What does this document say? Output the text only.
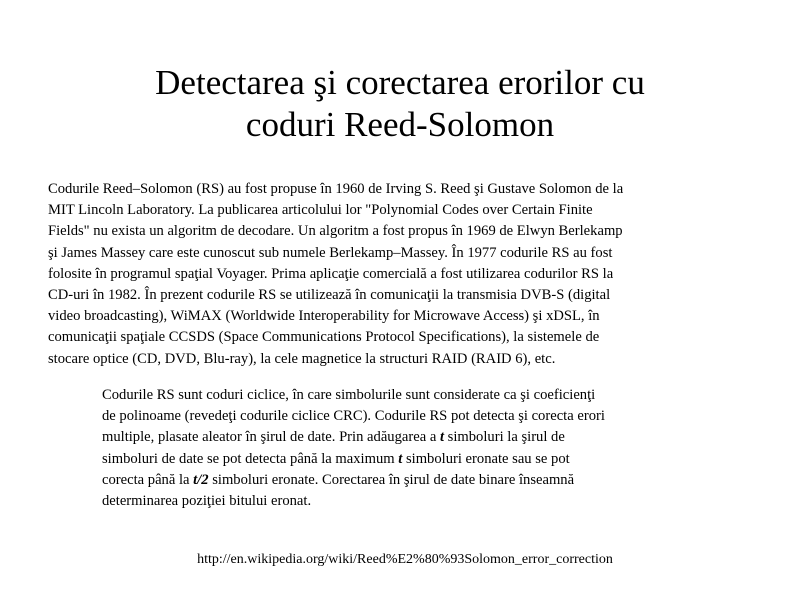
Detectarea şi corectarea erorilor cu
coduri Reed-Solomon

Codurile Reed–Solomon (RS) au fost propuse în 1960 de Irving S. Reed şi Gustave Solomon de la
MIT Lincoln Laboratory. La publicarea articolului lor "Polynomial Codes over Certain Finite
Fields" nu exista un algoritm de decodare. Un algoritm a fost propus în 1969 de Elwyn Berlekamp
şi James Massey care este cunoscut sub numele Berlekamp–Massey. În 1977 codurile RS au fost
folosite în programul spaţial Voyager. Prima aplicaţie comercială a fost utilizarea codurilor RS la
CD-uri în 1982. În prezent codurile RS se utilizează în comunicaţii la transmisia DVB-S (digital
video broadcasting), WiMAX (Worldwide Interoperability for Microwave Access) şi xDSL, în
comunicaţii spaţiale CCSDS (Space Communications Protocol Specifications), la sistemele de
stocare optice (CD, DVD, Blu-ray), la cele magnetice la structuri RAID (RAID 6), etc.

Codurile RS sunt coduri ciclice, în care simbolurile sunt considerate ca şi coeficienţi
de polinoame (revedeţi codurile ciclice CRC). Codurile RS pot detecta şi corecta erori
multiple, plasate aleator în şirul de date. Prin adăugarea a t simboluri la şirul de
simboluri de date se pot detecta până la maximum t simboluri eronate sau se pot
corecta până la t/2 simboluri eronate. Corectarea în şirul de date binare înseamnă
determinarea poziţiei bitului eronat.

http://en.wikipedia.org/wiki/Reed%E2%80%93Solomon_error_correction
